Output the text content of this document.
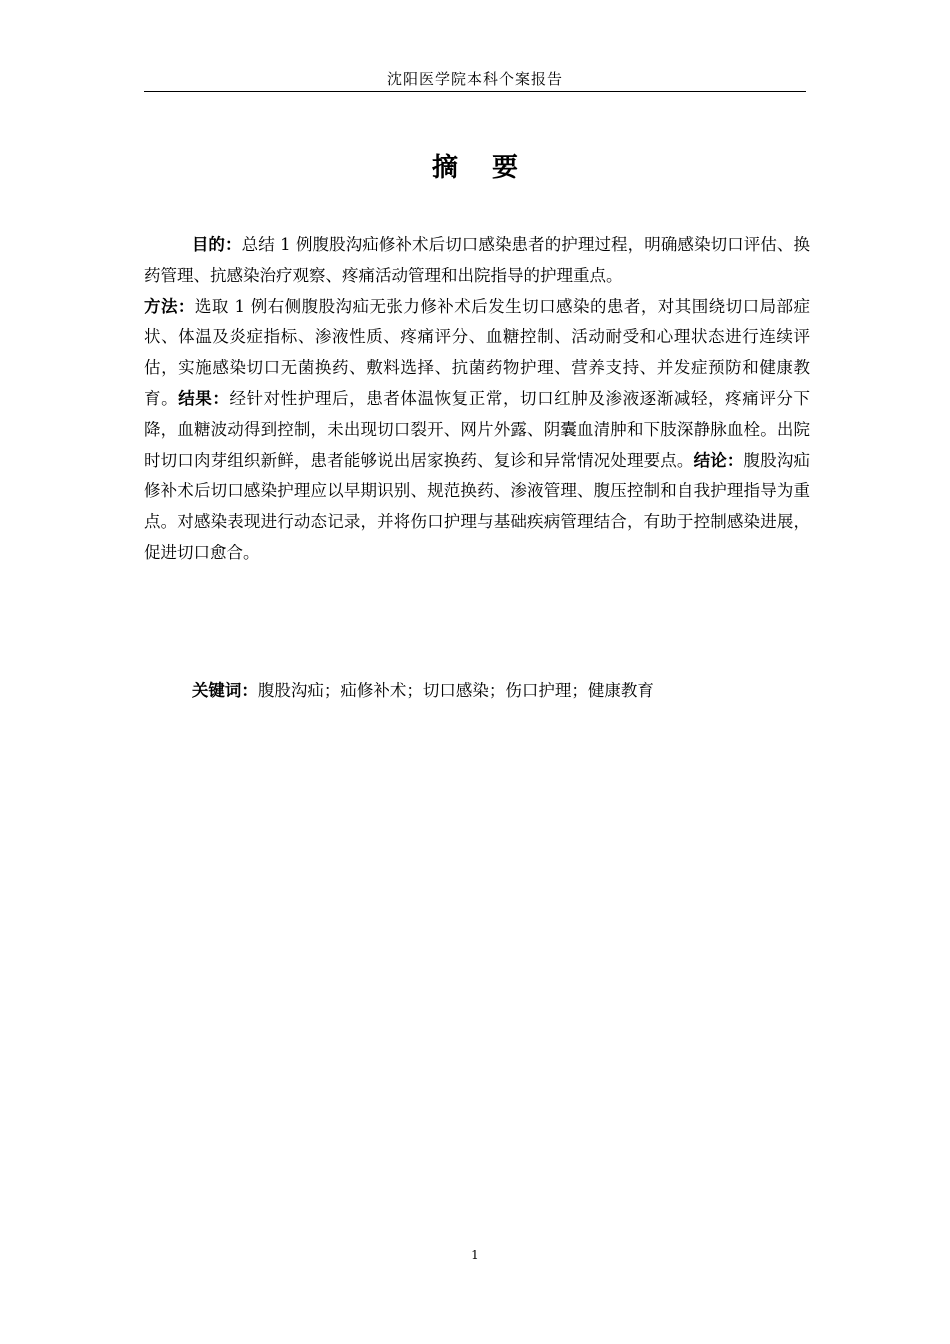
沈阳医学院本科个案报告
摘 要

目的：总结 1 例腹股沟疝修补术后切口感染患者的护理过程，明确感染切口评估、换药管理、抗感染治疗观察、疼痛活动管理和出院指导的护理重点。

方法：选取 1 例右侧腹股沟疝无张力修补术后发生切口感染的患者，对其围绕切口局部症状、体温及炎症指标、渗液性质、疼痛评分、血糖控制、活动耐受和心理状态进行连续评估，实施感染切口无菌换药、敷料选择、抗菌药物护理、营养支持、并发症预防和健康教育。结果：经针对性护理后，患者体温恢复正常，切口红肿及渗液逐渐减轻，疼痛评分下降，血糖波动得到控制，未出现切口裂开、网片外露、阴囊血清肿和下肢深静脉血栓。出院时切口肉芽组织新鲜，患者能够说出居家换药、复诊和异常情况处理要点。结论：腹股沟疝修补术后切口感染护理应以早期识别、规范换药、渗液管理、腹压控制和自我护理指导为重点。对感染表现进行动态记录，并将伤口护理与基础疾病管理结合，有助于控制感染进展，促进切口愈合。

关键词：腹股沟疝；疝修补术；切口感染；伤口护理；健康教育
1
